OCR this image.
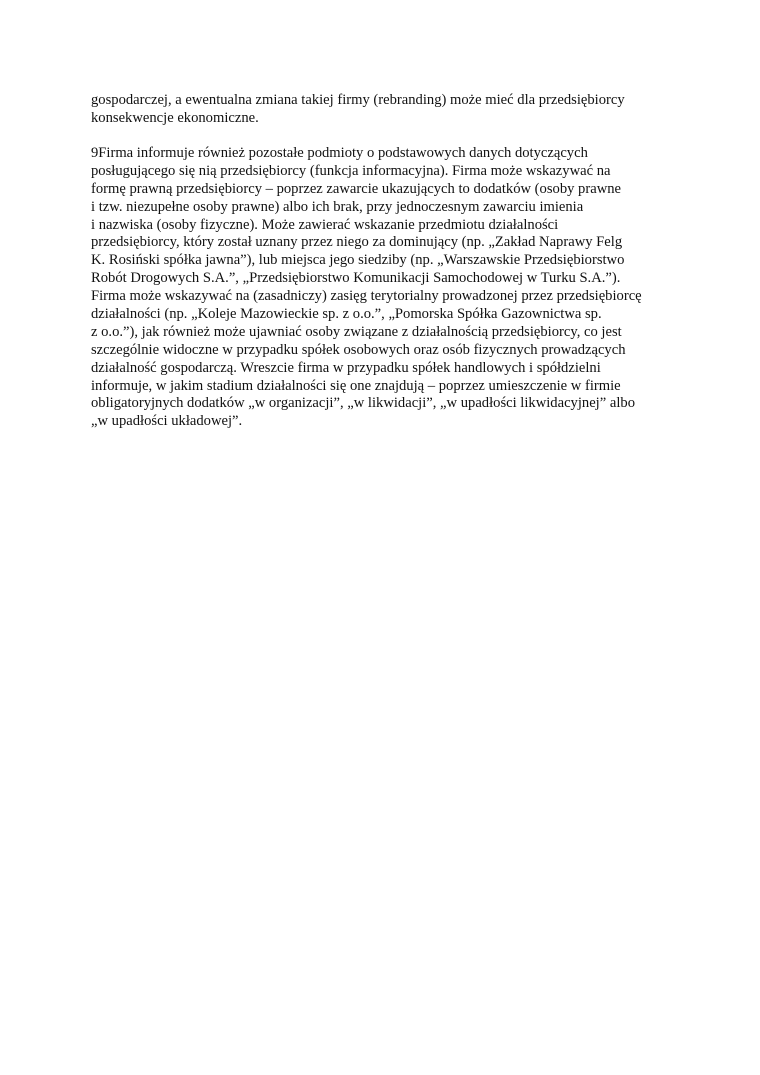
gospodarczej, a ewentualna zmiana takiej firmy (rebranding) może mieć dla przedsiębiorcy
konsekwencje ekonomiczne.
9Firma informuje również pozostałe podmioty o podstawowych danych dotyczących
posługującego się nią przedsiębiorcy (funkcja informacyjna). Firma może wskazywać na
formę prawną przedsiębiorcy – poprzez zawarcie ukazujących to dodatków (osoby prawne
i tzw. niezupełne osoby prawne) albo ich brak, przy jednoczesnym zawarciu imienia
i nazwiska (osoby fizyczne). Może zawierać wskazanie przedmiotu działalności
przedsiębiorcy, który został uznany przez niego za dominujący (np. „Zakład Naprawy Felg
K. Rosiński spółka jawna”), lub miejsca jego siedziby (np. „Warszawskie Przedsiębiorstwo
Robót Drogowych S.A.”, „Przedsiębiorstwo Komunikacji Samochodowej w Turku S.A.”).
Firma może wskazywać na (zasadniczy) zasięg terytorialny prowadzonej przez przedsiębiorcę
działalności (np. „Koleje Mazowieckie sp. z o.o.”, „Pomorska Spółka Gazownictwa sp.
z o.o.”), jak również może ujawniać osoby związane z działalnością przedsiębiorcy, co jest
szczególnie widoczne w przypadku spółek osobowych oraz osób fizycznych prowadzących
działalność gospodarczą. Wreszcie firma w przypadku spółek handlowych i spółdzielni
informuje, w jakim stadium działalności się one znajdują – poprzez umieszczenie w firmie
obligatoryjnych dodatków „w organizacji”, „w likwidacji”, „w upadłości likwidacyjnej” albo
„w upadłości układowej”.
